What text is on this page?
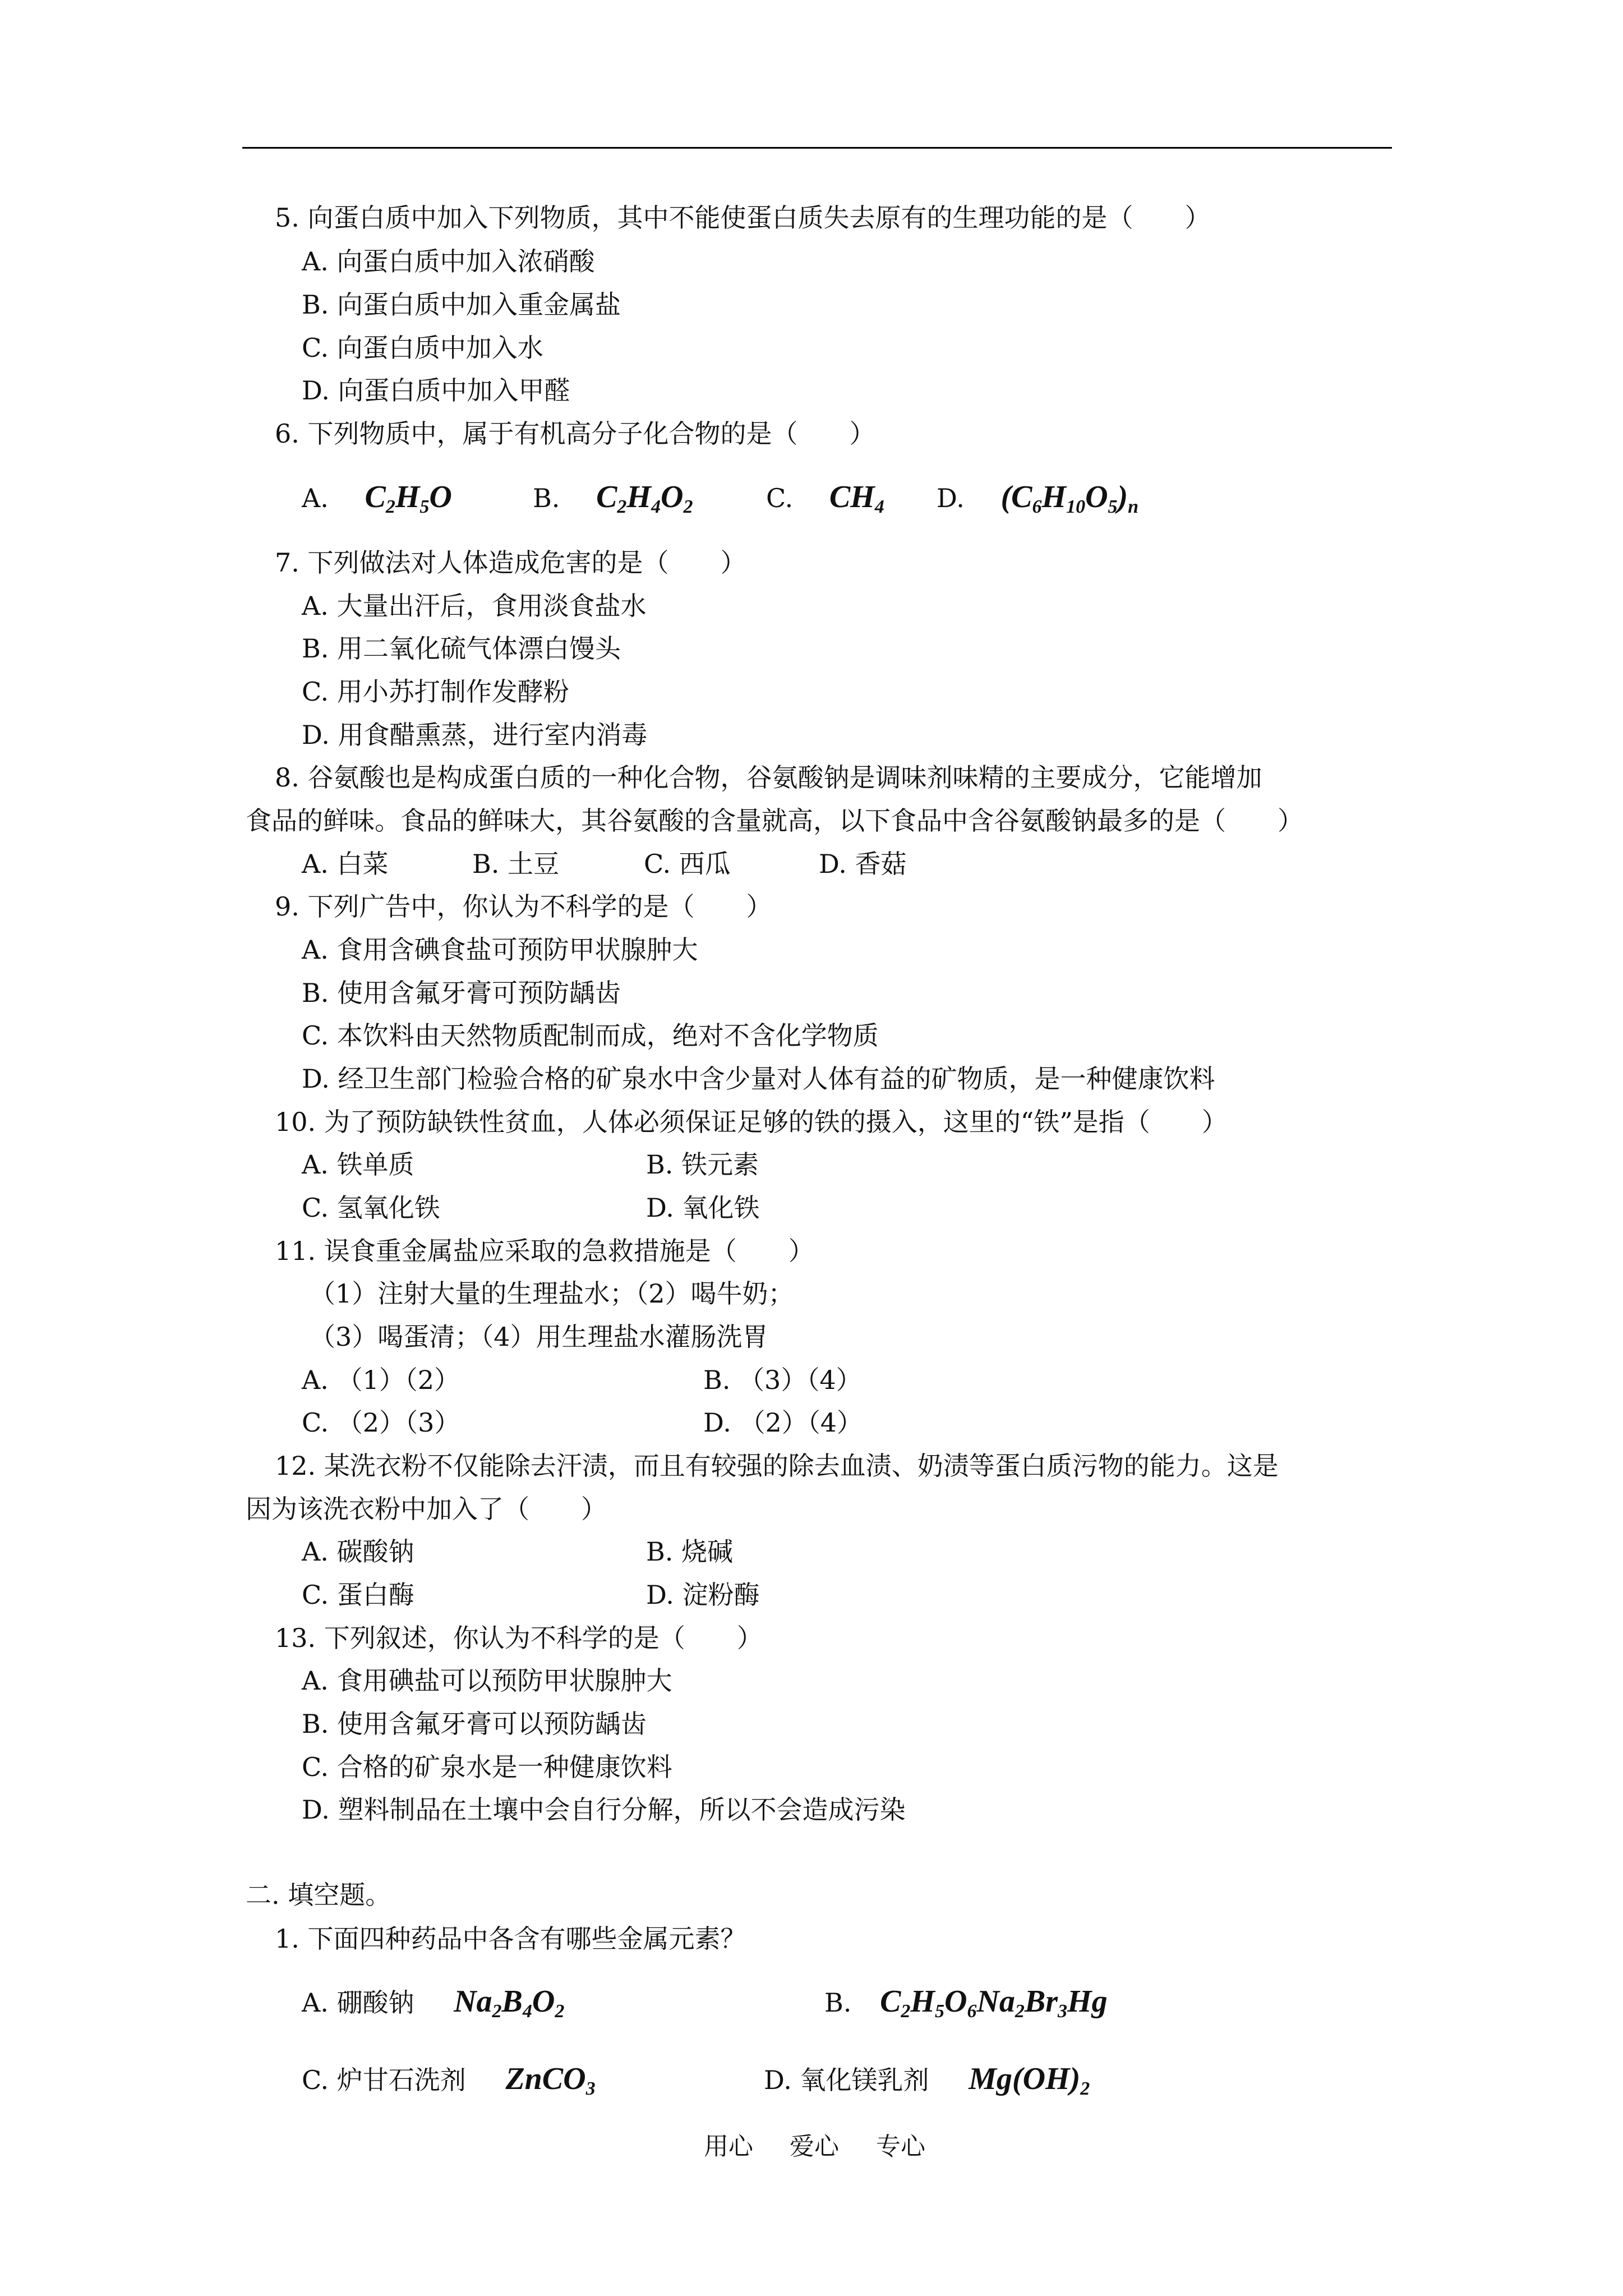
5. 向蛋白质中加入下列物质，其中不能使蛋白质失去原有的生理功能的是（　　）
A. 向蛋白质中加入浓硝酸
B. 向蛋白质中加入重金属盐
C. 向蛋白质中加入水
D. 向蛋白质中加入甲醛
6. 下列物质中，属于有机高分子化合物的是（　　）
A. $C_2H_5O$	B. $C_2H_4O_2$	C. $CH_4$ D. $(C_6H_{10}O_5)_n$
7. 下列做法对人体造成危害的是（　　）
A. 大量出汗后，食用淡食盐水
B. 用二氧化硫气体漂白馒头
C. 用小苏打制作发酵粉
D. 用食醋熏蒸，进行室内消毒
8. 谷氨酸也是构成蛋白质的一种化合物，谷氨酸钠是调味剂味精的主要成分，它能增加
食品的鲜味。食品的鲜味大，其谷氨酸的含量就高，以下食品中含谷氨酸钠最多的是（　　）
A. 白菜	B. 土豆	C. 西瓜	D. 香菇
9. 下列广告中，你认为不科学的是（　　）
A. 食用含碘食盐可预防甲状腺肿大
B. 使用含氟牙膏可预防龋齿
C. 本饮料由天然物质配制而成，绝对不含化学物质
D. 经卫生部门检验合格的矿泉水中含少量对人体有益的矿物质，是一种健康饮料
10. 为了预防缺铁性贫血，人体必须保证足够的铁的摄入，这里的“铁”是指（　　）
A. 铁单质	B. 铁元素
C. 氢氧化铁	D. 氧化铁
11. 误食重金属盐应采取的急救措施是（　　）
（1）注射大量的生理盐水；（2）喝牛奶；
（3）喝蛋清；（4）用生理盐水灌肠洗胃
A. （1）（2）	B. （3）（4）
C. （2）（3）	D. （2）（4）
12. 某洗衣粉不仅能除去汗渍，而且有较强的除去血渍、奶渍等蛋白质污物的能力。这是
因为该洗衣粉中加入了（　　）
A. 碳酸钠	B. 烧碱
C. 蛋白酶	D. 淀粉酶
13. 下列叙述，你认为不科学的是（　　）
A. 食用碘盐可以预防甲状腺肿大
B. 使用含氟牙膏可以预防龋齿
C. 合格的矿泉水是一种健康饮料
D. 塑料制品在土壤中会自行分解，所以不会造成污染
二. 填空题。
1. 下面四种药品中各含有哪些金属元素？
A. 硼酸钠 $Na_2B_4O_2$	B. $C_2H_5O_6Na_2Br_3Hg$
C. 炉甘石洗剂 ZnCO$_3$	D. 氧化镁乳剂 $Mg(OH)_2$
用心 爱心 专心
